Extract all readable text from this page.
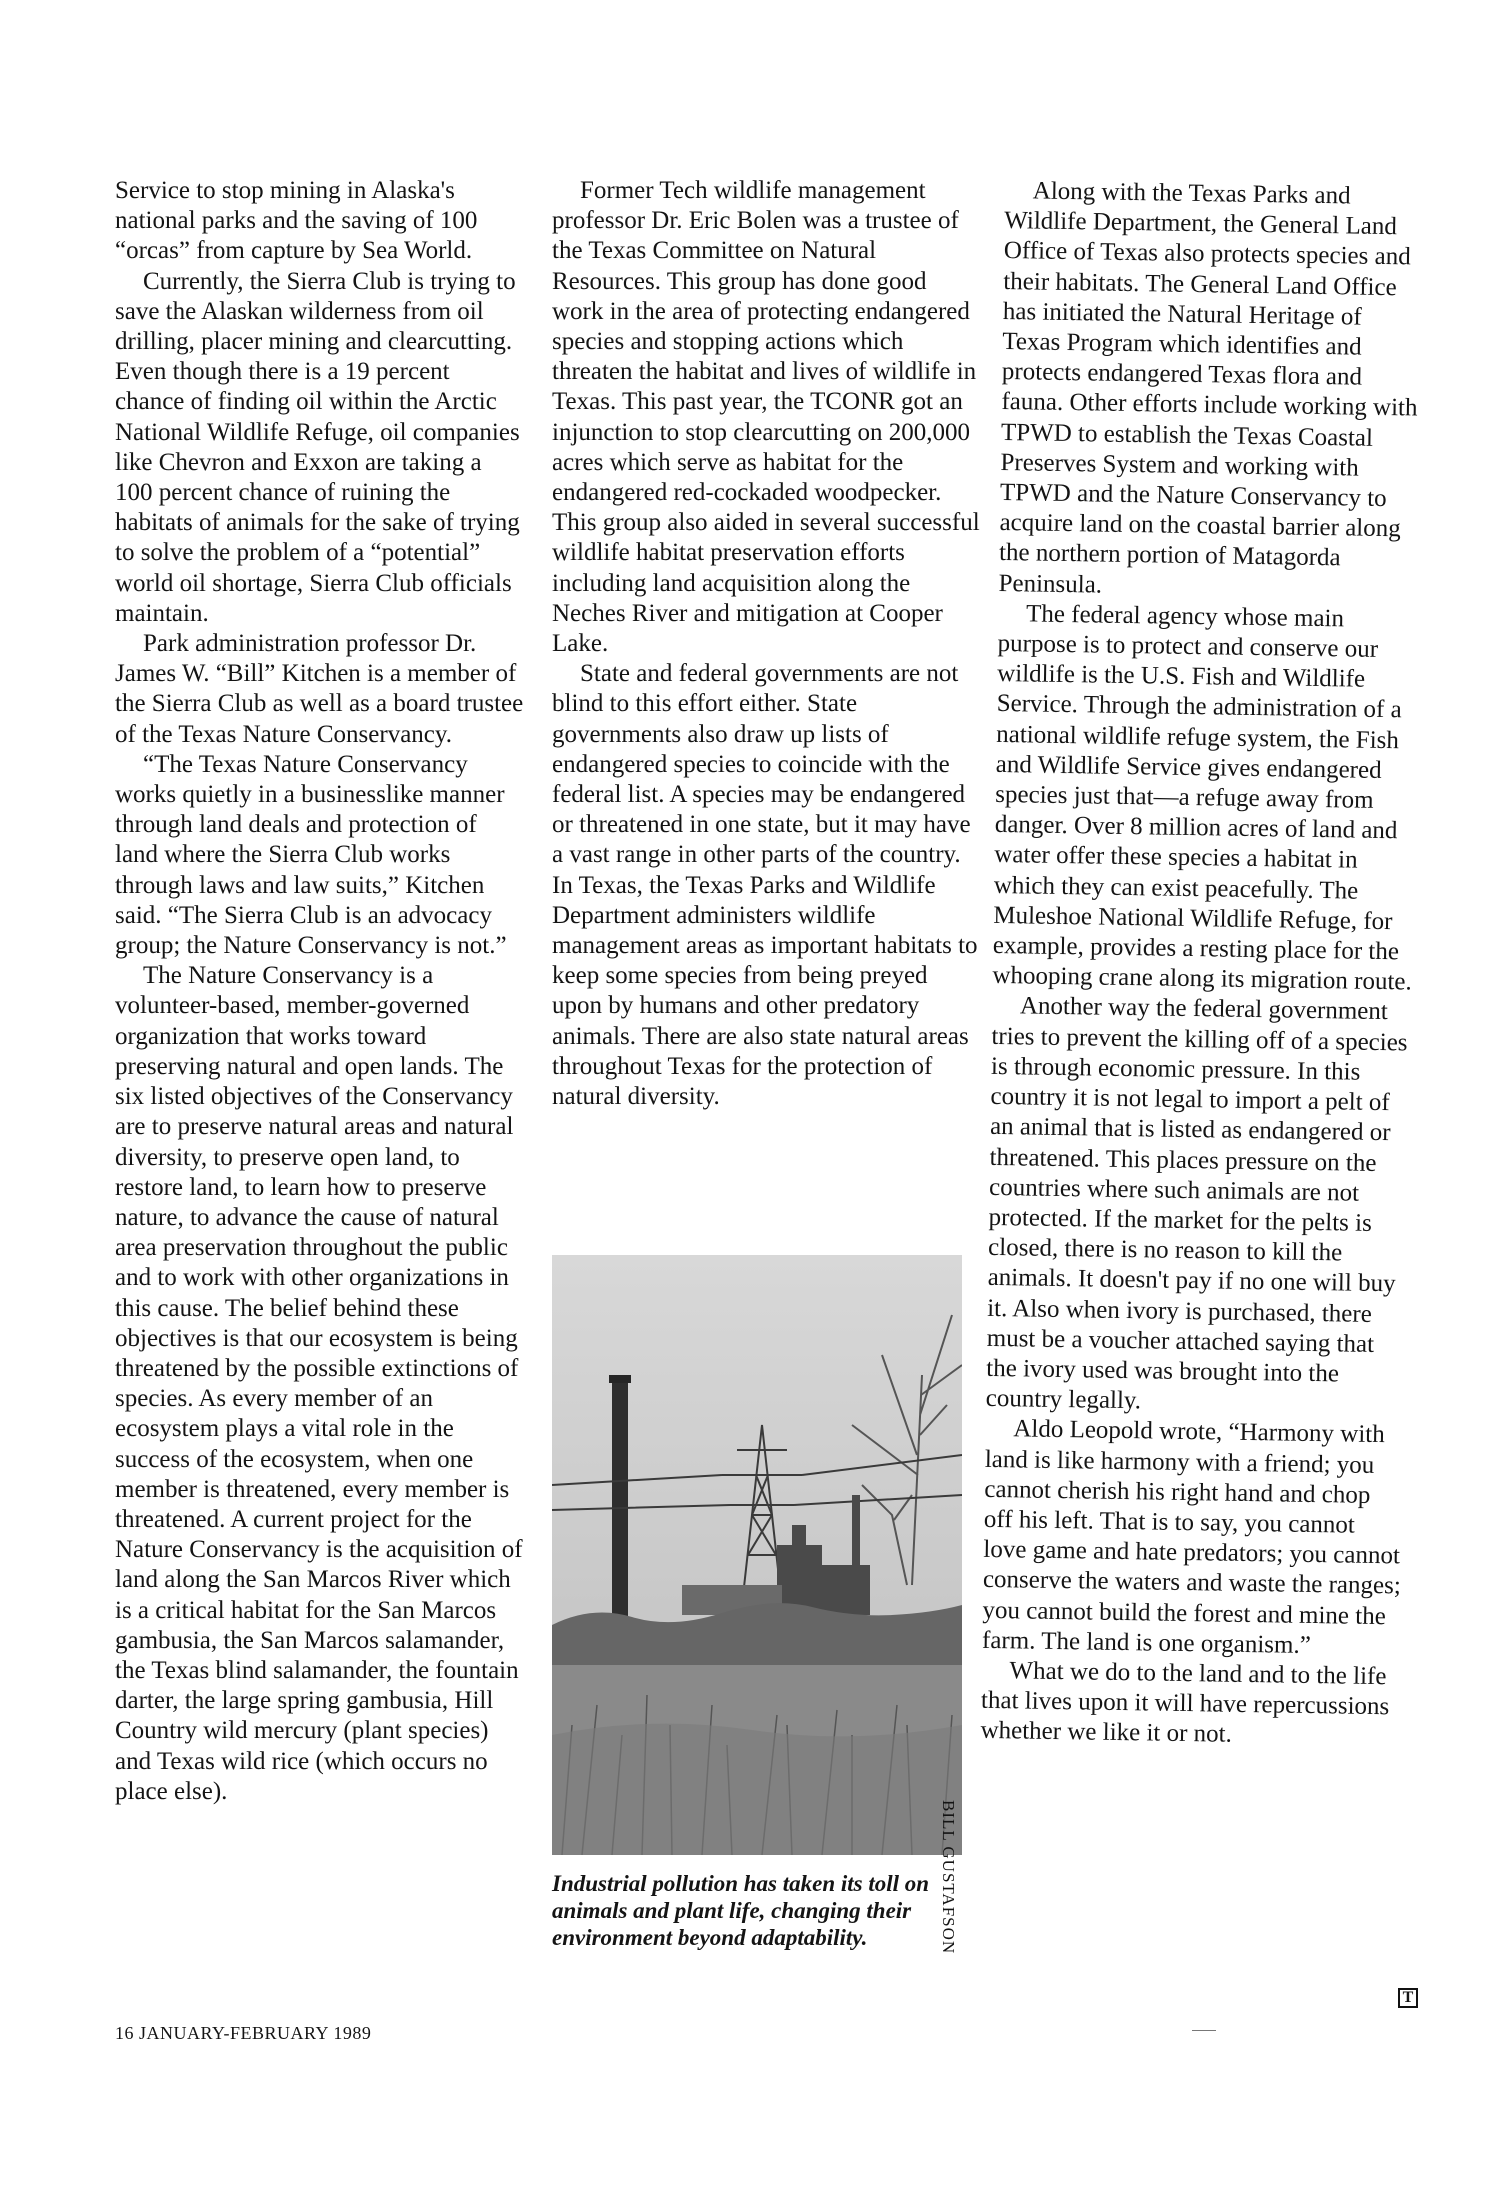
Service to stop mining in Alaska's national parks and the saving of 100 “orcas” from capture by Sea World.

Currently, the Sierra Club is trying to save the Alaskan wilderness from oil drilling, placer mining and clearcutting. Even though there is a 19 percent chance of finding oil within the Arctic National Wildlife Refuge, oil companies like Chevron and Exxon are taking a 100 percent chance of ruining the habitats of animals for the sake of trying to solve the problem of a “potential” world oil shortage, Sierra Club officials maintain.

Park administration professor Dr. James W. “Bill” Kitchen is a member of the Sierra Club as well as a board trustee of the Texas Nature Conservancy.

“The Texas Nature Conservancy works quietly in a businesslike manner through land deals and protection of land where the Sierra Club works through laws and law suits,” Kitchen said. “The Sierra Club is an advocacy group; the Nature Conservancy is not.”

The Nature Conservancy is a volunteer-based, member-governed organization that works toward preserving natural and open lands. The six listed objectives of the Conservancy are to preserve natural areas and natural diversity, to preserve open land, to restore land, to learn how to preserve nature, to advance the cause of natural area preservation throughout the public and to work with other organizations in this cause. The belief behind these objectives is that our ecosystem is being threatened by the possible extinctions of species. As every member of an ecosystem plays a vital role in the success of the ecosystem, when one member is threatened, every member is threatened. A current project for the Nature Conservancy is the acquisition of land along the San Marcos River which is a critical habitat for the San Marcos gambusia, the San Marcos salamander, the Texas blind salamander, the fountain darter, the large spring gambusia, Hill Country wild mercury (plant species) and Texas wild rice (which occurs no place else).

Former Tech wildlife management professor Dr. Eric Bolen was a trustee of the Texas Committee on Natural Resources. This group has done good work in the area of protecting endangered species and stopping actions which threaten the habitat and lives of wildlife in Texas. This past year, the TCONR got an injunction to stop clearcutting on 200,000 acres which serve as habitat for the endangered red-cockaded woodpecker. This group also aided in several successful wildlife habitat preservation efforts including land acquisition along the Neches River and mitigation at Cooper Lake.

State and federal governments are not blind to this effort either. State governments also draw up lists of endangered species to coincide with the federal list. A species may be endangered or threatened in one state, but it may have a vast range in other parts of the country. In Texas, the Texas Parks and Wildlife Department administers wildlife management areas as important habitats to keep some species from being preyed upon by humans and other predatory animals. There are also state natural areas throughout Texas for the protection of natural diversity.

Along with the Texas Parks and Wildlife Department, the General Land Office of Texas also protects species and their habitats. The General Land Office has initiated the Natural Heritage of Texas Program which identifies and protects endangered Texas flora and fauna. Other efforts include working with TPWD to establish the Texas Coastal Preserves System and working with TPWD and the Nature Conservancy to acquire land on the coastal barrier along the northern portion of Matagorda Peninsula.

The federal agency whose main purpose is to protect and conserve our wildlife is the U.S. Fish and Wildlife Service. Through the administration of a national wildlife refuge system, the Fish and Wildlife Service gives endangered species just that—a refuge away from danger. Over 8 million acres of land and water offer these species a habitat in which they can exist peacefully. The Muleshoe National Wildlife Refuge, for example, provides a resting place for the whooping crane along its migration route.

Another way the federal government tries to prevent the killing off of a species is through economic pressure. In this country it is not legal to import a pelt of an animal that is listed as endangered or threatened. This places pressure on the countries where such animals are not protected. If the market for the pelts is closed, there is no reason to kill the animals. It doesn't pay if no one will buy it. Also when ivory is purchased, there must be a voucher attached saying that the ivory used was brought into the country legally.

Aldo Leopold wrote, “Harmony with land is like harmony with a friend; you cannot cherish his right hand and chop off his left. That is to say, you cannot love game and hate predators; you cannot conserve the waters and waste the ranges; you cannot build the forest and mine the farm. The land is one organism.”

What we do to the land and to the life that lives upon it will have repercussions whether we like it or not.

BILL GUSTAFSON
Industrial pollution has taken its toll on animals and plant life, changing their environment beyond adaptability.
16 JANUARY-FEBRUARY 1989
T
